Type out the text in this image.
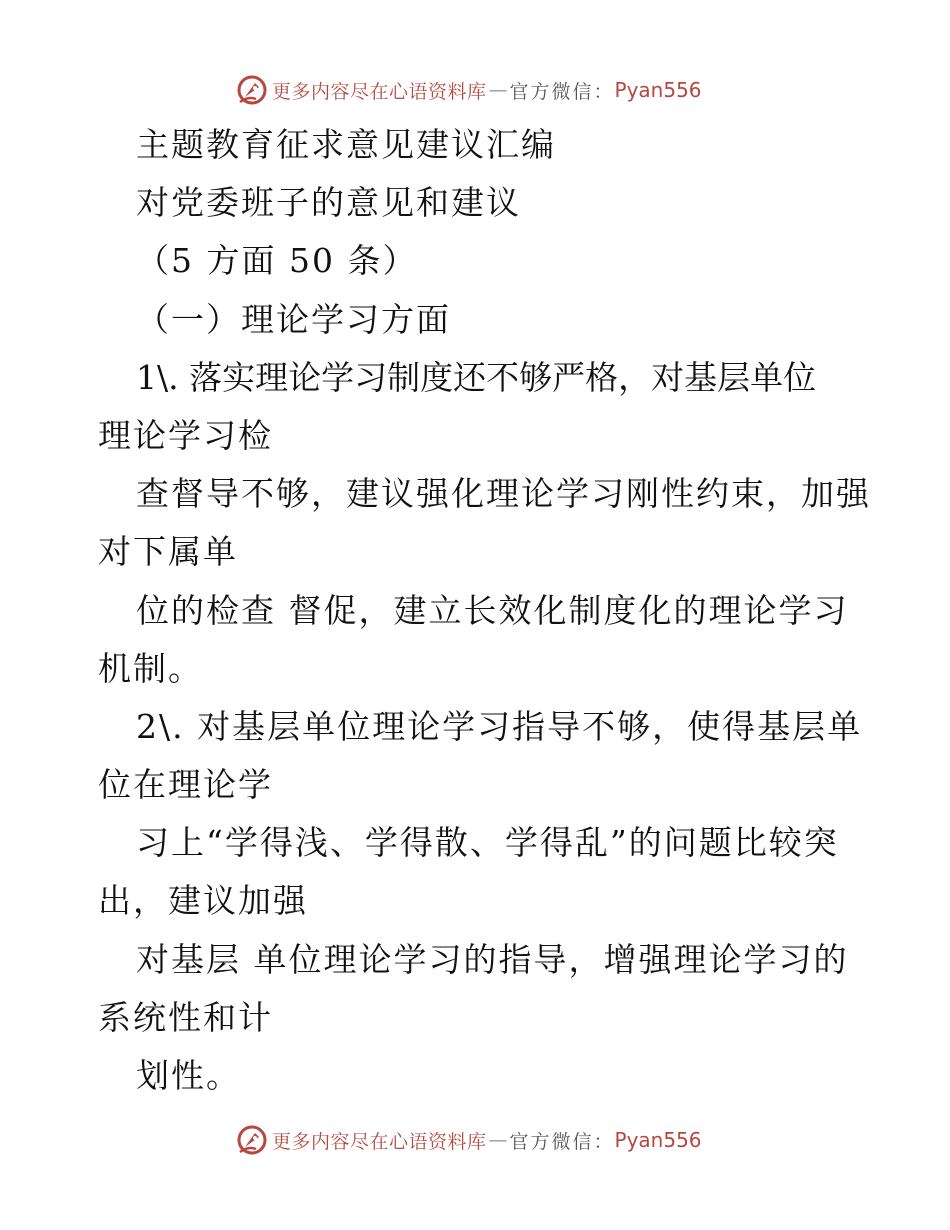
更多内容尽在心语资料库 — 官方微信： Pyan556
主题教育征求意见建议汇编
对党委班子的意见和建议
（5 方面 50 条）
（一）理论学习方面
1\. 落实理论学习制度还不够严格，对基层单位
理论学习检
查督导不够，建议强化理论学习刚性约束，加强
对下属单
位的检查 督促，建立长效化制度化的理论学习
机制。
2\. 对基层单位理论学习指导不够，使得基层单
位在理论学
习上“学得浅、学得散、学得乱”的问题比较突
出，建议加强
对基层 单位理论学习的指导，增强理论学习的
系统性和计
划性。
更多内容尽在心语资料库 — 官方微信： Pyan556
